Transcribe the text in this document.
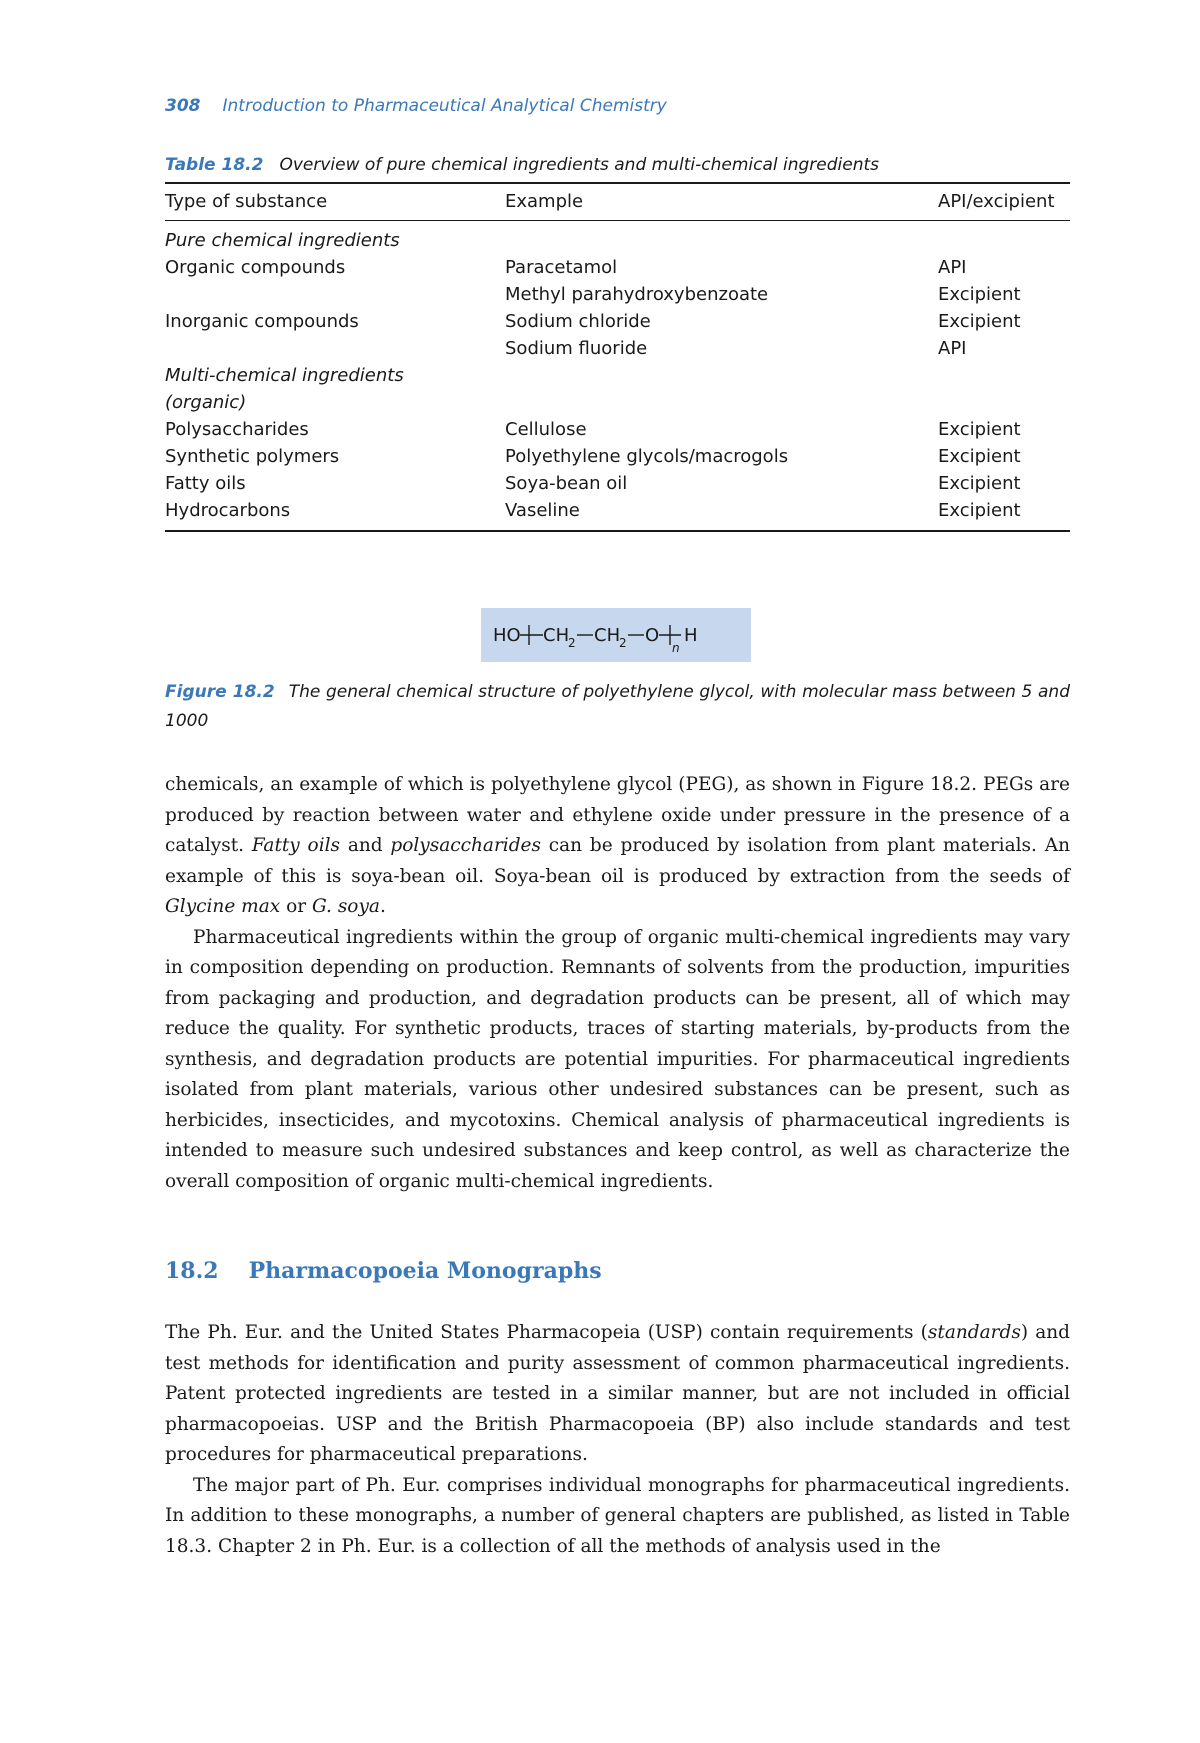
308 Introduction to Pharmaceutical Analytical Chemistry
Table 18.2 Overview of pure chemical ingredients and multi-chemical ingredients
Type of substance	Example	API/excipient
Pure chemical ingredients		
Organic compounds	Paracetamol	API
	Methyl parahydroxybenzoate	Excipient
Inorganic compounds	Sodium chloride	Excipient
	Sodium fluoride	API
Multi-chemical ingredients
(organic)		
Polysaccharides	Cellulose	Excipient
Synthetic polymers	Polyethylene glycols/macrogols	Excipient
Fatty oils	Soya-bean oil	Excipient
Hydrocarbons	Vaseline	Excipient
HO CH
2 CH
2 O
n
H
Figure 18.2 The general chemical structure of polyethylene glycol, with molecular mass between 5 and 1000

chemicals, an example of which is polyethylene glycol (PEG), as shown in Figure 18.2. PEGs are produced by reaction between water and ethylene oxide under pressure in the presence of a catalyst. Fatty oils and polysaccharides can be produced by isolation from plant materials. An example of this is soya-bean oil. Soya-bean oil is produced by extraction from the seeds of Glycine max or G. soya.

Pharmaceutical ingredients within the group of organic multi-chemical ingredients may vary in composition depending on production. Remnants of solvents from the production, impurities from packaging and production, and degradation products can be present, all of which may reduce the quality. For synthetic products, traces of starting materials, by-products from the synthesis, and degradation products are potential impurities. For pharmaceutical ingredients isolated from plant materials, various other undesired substances can be present, such as herbicides, insecticides, and mycotoxins. Chemical analysis of pharmaceutical ingredients is intended to measure such undesired substances and keep control, as well as characterize the overall composition of organic multi-chemical ingredients.

18.2 Pharmacopoeia Monographs

The Ph. Eur. and the United States Pharmacopeia (USP) contain requirements (standards) and test methods for identification and purity assessment of common pharmaceutical ingredients. Patent protected ingredients are tested in a similar manner, but are not included in official pharmacopoeias. USP and the British Pharmacopoeia (BP) also include standards and test procedures for pharmaceutical preparations.

The major part of Ph. Eur. comprises individual monographs for pharmaceutical ingredients. In addition to these monographs, a number of general chapters are published, as listed in Table 18.3. Chapter 2 in Ph. Eur. is a collection of all the methods of analysis used in the
